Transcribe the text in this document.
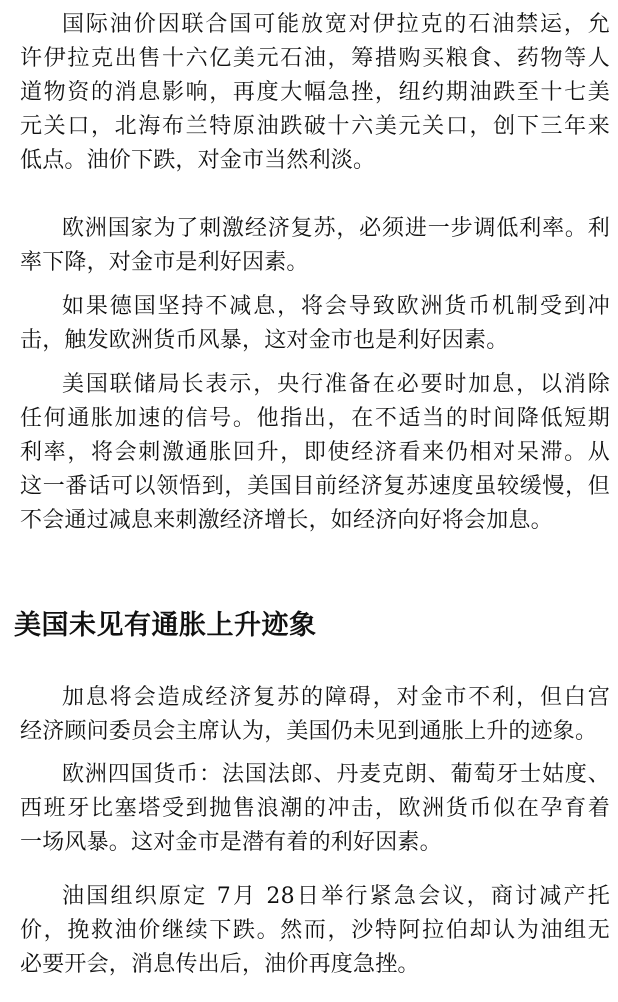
国际油价因联合国可能放宽对伊拉克的石油禁运，允
许伊拉克出售十六亿美元石油，筹措购买粮食、药物等人
道物资的消息影响，再度大幅急挫，纽约期油跌至十七美
元关口，北海布兰特原油跌破十六美元关口，创下三年来
低点。油价下跌，对金市当然利淡。

欧洲国家为了刺激经济复苏，必须进一步调低利率。利
率下降，对金市是利好因素。

如果德国坚持不减息，将会导致欧洲货币机制受到冲
击，触发欧洲货币风暴，这对金市也是利好因素。

美国联储局长表示，央行准备在必要时加息，以消除
任何通胀加速的信号。他指出，在不适当的时间降低短期
利率，将会刺激通胀回升，即使经济看来仍相对呆滞。从
这一番话可以领悟到，美国目前经济复苏速度虽较缓慢，但
不会通过减息来刺激经济增长，如经济向好将会加息。

美国未见有通胀上升迹象

加息将会造成经济复苏的障碍，对金市不利，但白宫
经济顾问委员会主席认为，美国仍未见到通胀上升的迹象。

欧洲四国货币：法国法郎、丹麦克朗、葡萄牙士姑度、
西班牙比塞塔受到抛售浪潮的冲击，欧洲货币似在孕育着
一场风暴。这对金市是潜有着的利好因素。

油国组织原定 7月 28日举行紧急会议，商讨减产托
价，挽救油价继续下跌。然而，沙特阿拉伯却认为油组无
必要开会，消息传出后，油价再度急挫。
